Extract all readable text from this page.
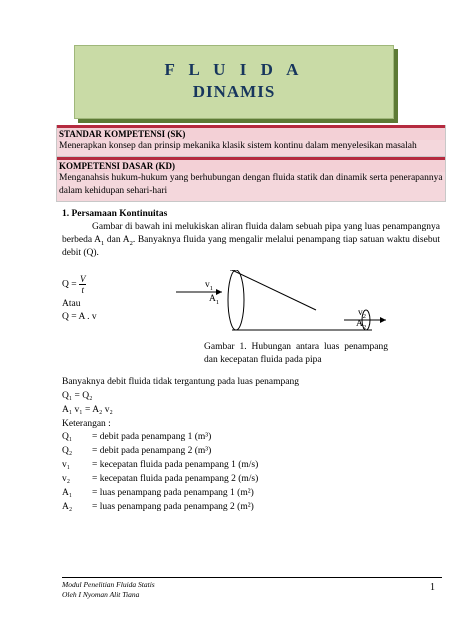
F L U I D A
DINAMIS
STANDAR KOMPETENSI (SK)
Menerapkan konsep dan prinsip mekanika klasik sistem kontinu dalam menyelesikan masalah
KOMPETENSI DASAR (KD)
Menganahsis hukum-hukum yang berhubungan dengan fluida statik dan dinamik serta penerapannya dalam kehidupan sehari-hari
1. Persamaan Kontinuitas
Gambar di bawah ini melukiskan aliran fluida dalam sebuah pipa yang luas penampangnya berbeda $A_1$ dan $A_2$. Banyaknya fluida yang mengalir melalui penampang tiap satuan waktu disebut debit (Q).
$Q = \frac{V}{t}$
Atau
Q = A . v
$v_1$
$A_1$
$v_2$
$A_2$
Gambar 1. Hubungan antara luas penampang dan kecepatan fluida pada pipa
Banyaknya debit fluida tidak tergantung pada luas penampang
Q₁ = Q₂
A₁ v₁ = A₂ v₂
Keterangan :
Q₁	= debit pada penampang 1 (m³)
Q₂	= debit pada penampang 2 (m³)
v₁	= kecepatan fluida pada penampang 1 (m/s)
v₂	= kecepatan fluida pada penampang 2 (m/s)
A₁	= luas penampang pada penampang 1 (m²)
A₂	= luas penampang pada penampang 2 (m²)
Modul Penelitian Fluida Statis
Oleh I Nyoman Alit Tiana
1
